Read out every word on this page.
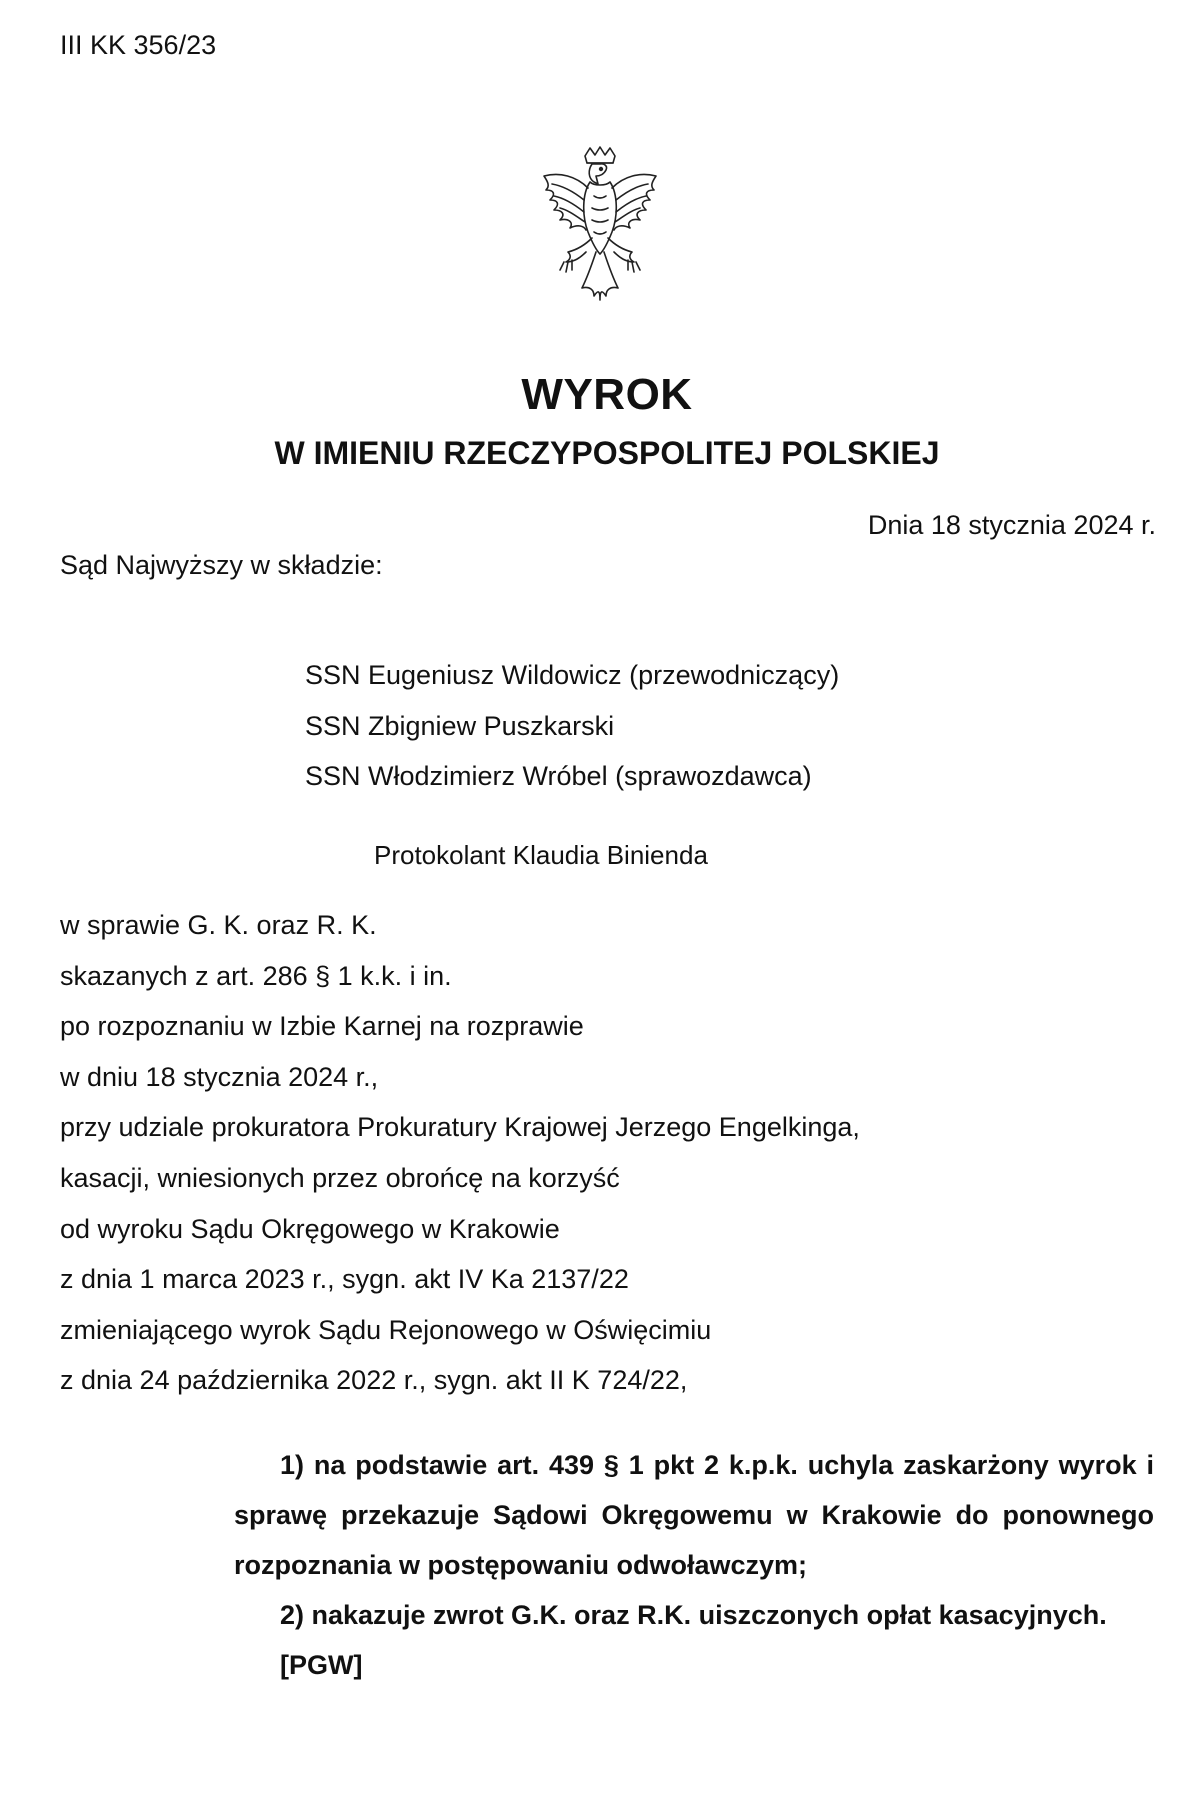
III KK 356/23
WYROK
W IMIENIU RZECZYPOSPOLITEJ POLSKIEJ
Dnia 18 stycznia 2024 r.
Sąd Najwyższy w składzie:
SSN Eugeniusz Wildowicz (przewodniczący)
SSN Zbigniew Puszkarski
SSN Włodzimierz Wróbel (sprawozdawca)
Protokolant Klaudia Binienda
w sprawie G. K. oraz R. K.
skazanych z art. 286 § 1 k.k. i in.
po rozpoznaniu w Izbie Karnej na rozprawie
w dniu 18 stycznia 2024 r.,
przy udziale prokuratora Prokuratury Krajowej Jerzego Engelkinga,
kasacji, wniesionych przez obrońcę na korzyść
od wyroku Sądu Okręgowego w Krakowie
z dnia 1 marca 2023 r., sygn. akt IV Ka 2137/22
zmieniającego wyrok Sądu Rejonowego w Oświęcimiu
z dnia 24 października 2022 r., sygn. akt II K 724/22,

1) na podstawie art. 439 § 1 pkt 2 k.p.k. uchyla zaskarżony wyrok i sprawę przekazuje Sądowi Okręgowemu w Krakowie do ponownego rozpoznania w postępowaniu odwoławczym;

2) nakazuje zwrot G.K. oraz R.K. uiszczonych opłat kasacyjnych.

[PGW]
